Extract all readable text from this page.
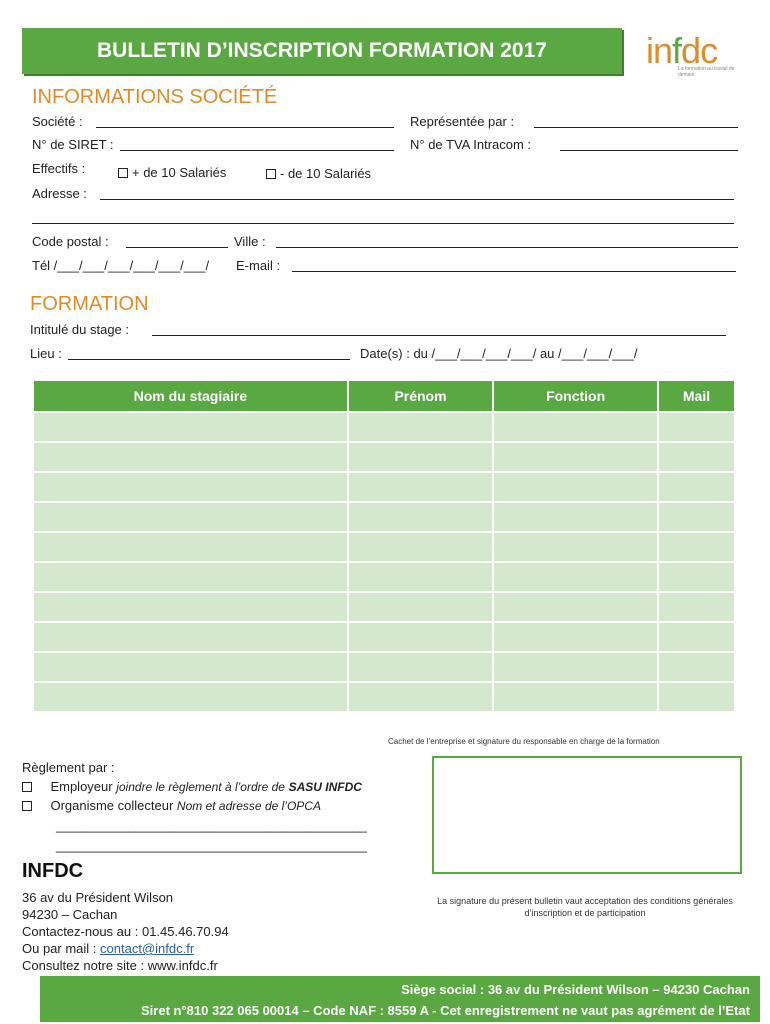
BULLETIN D’INSCRIPTION FORMATION 2017	infdc
La formation au travail de demain
INFORMATIONS SOCIÉTÉ
Société :	Représentée par :
N° de SIRET :	N° de TVA Intracom :
Effectifs :	+ de 10 Salariés	- de 10 Salariés
Adresse :
Code postal :	Ville :
Tél /___/___/___/___/___/___/ E-mail :
FORMATION
Intitulé du stage :
Lieu :	Date(s) : du /___/___/___/___/ au /___/___/___/
Nom du stagiaire	Prénom	Fonction	Mail

Cachet de l’entreprise et signature du responsable en charge de la formation
Règlement par :
Employeur joindre le règlement à l’ordre de SASU INFDC
Organisme collecteur Nom et adresse de l’OPCA
___________________________________________
___________________________________________
INFDC
36 av du Président Wilson
94230 – Cachan
Contactez-nous au : 01.45.46.70.94
Ou par mail : contact@infdc.fr
Consultez notre site : www.infdc.fr
La signature du présent bulletin vaut acceptation des conditions générales
d’inscription et de participation
Siège social : 36 av du Président Wilson – 94230 Cachan
Siret n°810 322 065 00014 – Code NAF : 8559 A - Cet enregistrement ne vaut pas agrément de l’Etat
